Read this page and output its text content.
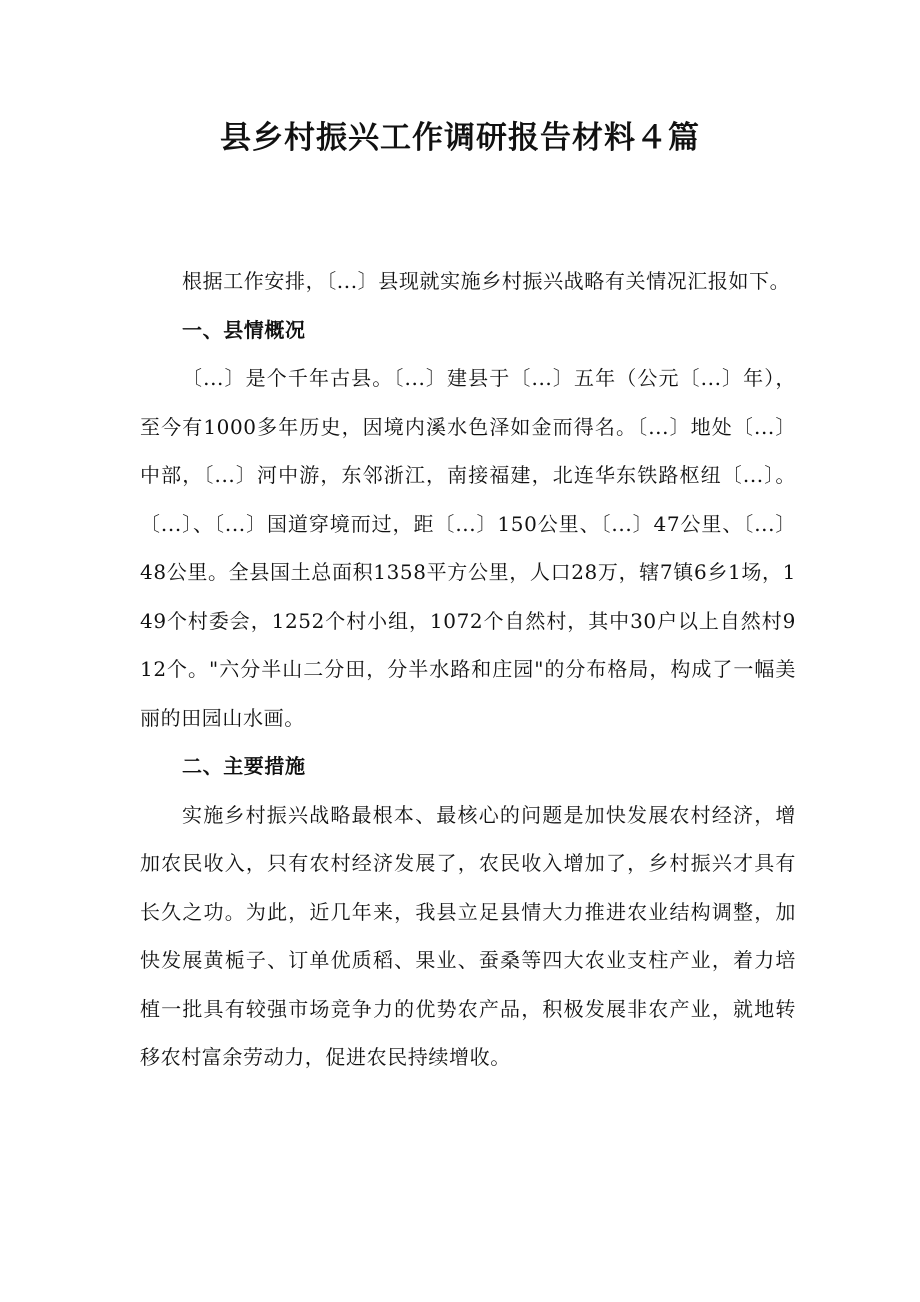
县乡村振兴工作调研报告材料４篇

根据工作安排，〔...〕县现就实施乡村振兴战略有关情况汇报如下。

一、县情概况

〔...〕是个千年古县。〔...〕建县于〔...〕五年（公元〔...〕年），至今有1000多年历史，因境内溪水色泽如金而得名。〔...〕地处〔...〕中部，〔...〕河中游，东邻浙江，南接福建，北连华东铁路枢纽〔...〕。〔...〕、〔...〕国道穿境而过，距〔...〕150公里、〔...〕47公里、〔...〕48公里。全县国土总面积1358平方公里，人口28万，辖7镇6乡1场，149个村委会，1252个村小组，1072个自然村，其中30户以上自然村912个。"六分半山二分田，分半水路和庄园"的分布格局，构成了一幅美丽的田园山水画。

二、主要措施

实施乡村振兴战略最根本、最核心的问题是加快发展农村经济，增加农民收入，只有农村经济发展了，农民收入增加了，乡村振兴才具有长久之功。为此，近几年来，我县立足县情大力推进农业结构调整，加快发展黄栀子、订单优质稻、果业、蚕桑等四大农业支柱产业，着力培植一批具有较强市场竞争力的优势农产品，积极发展非农产业，就地转移农村富余劳动力，促进农民持续增收。
